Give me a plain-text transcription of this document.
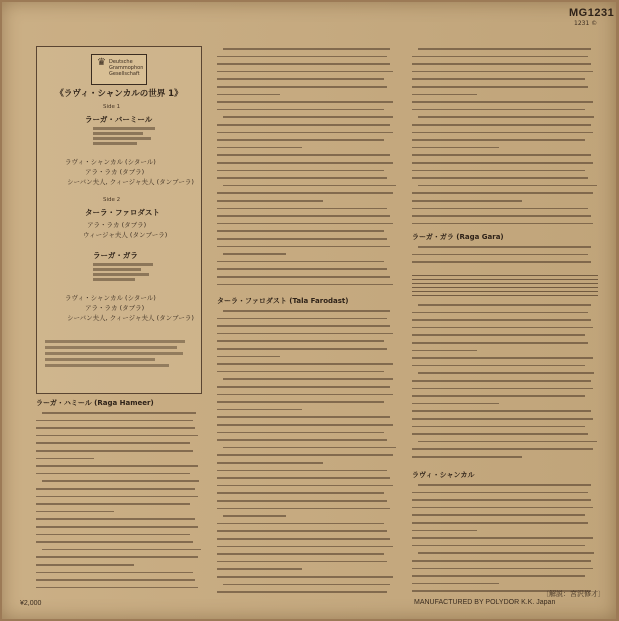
MG1231
1231 ©
♛ Deutsche Grammophon Gesellschaft
《ラヴィ・シャンカルの世界 1》
Side 1
ラーガ・バーミール
ラヴィ・シャンカル (シタール)
アラ・ラカ (タブラ)
シーバン夫人, クィージャ夫人 (タンブーラ)
Side 2
ターラ・ファロダスト
アラ・ラカ (タブラ)
ウィージャ夫人 (タンブーラ)
ラーガ・ガラ
ラヴィ・シャンカル (シタール)
アラ・ラカ (タブラ)
シーバン夫人, クィージャ夫人 (タンブーラ)
ラーガ・ハミール (Raga Hameer)
ターラ・ファロダスト (Tala Farodast)
ラーガ・ガラ (Raga Gara)
ラヴィ・シャンカル
MANUFACTURED BY POLYDOR K.K. Japan
〔解説：宮沢修才〕
¥2,000
